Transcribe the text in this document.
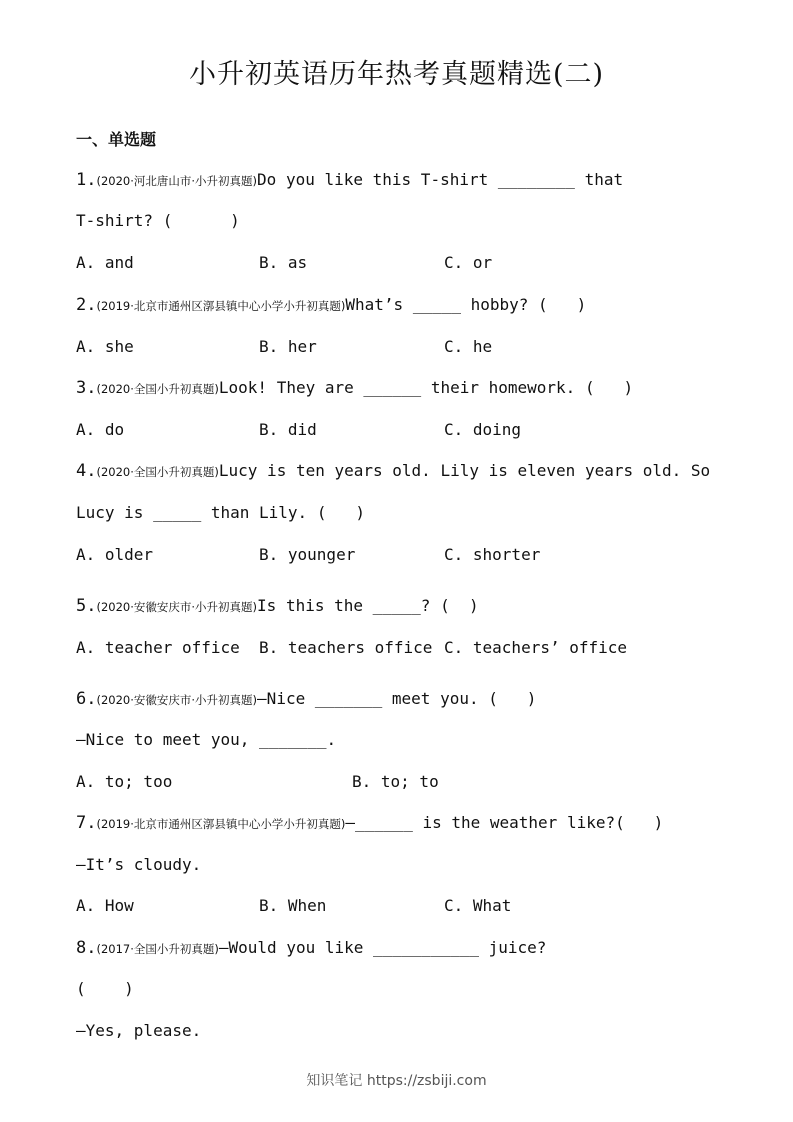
小升初英语历年热考真题精选(二)
一、单选题
1.(2020·河北唐山市·小升初真题)Do you like this T-shirt ________ that
T-shirt? (      )
A. and	B. as	C. or
2.(2019·北京市通州区漷县镇中心小学小升初真题)What’s _____ hobby? (   )
A. she	B. her	C. he
3.(2020·全国小升初真题)Look! They are ______ their homework. (   )
A. do	B. did	C. doing
4.(2020·全国小升初真题)Lucy is ten years old. Lily is eleven years old. So
Lucy is _____ than Lily. (   )
A. older	B. younger	C. shorter
5.(2020·安徽安庆市·小升初真题)Is this the _____? (  )
A. teacher office B. teachers office C. teachers’ office
6.(2020·安徽安庆市·小升初真题)—Nice _______ meet you. (   )
—Nice to meet you, _______.
A. to; too	B. to; to
7.(2019·北京市通州区漷县镇中心小学小升初真题)—______ is the weather like?(   )
—It’s cloudy.
A. How	B. When	C. What
8.(2017·全国小升初真题)—Would you like ___________ juice?
(    )
—Yes, please.
知识笔记 https://zsbiji.com
